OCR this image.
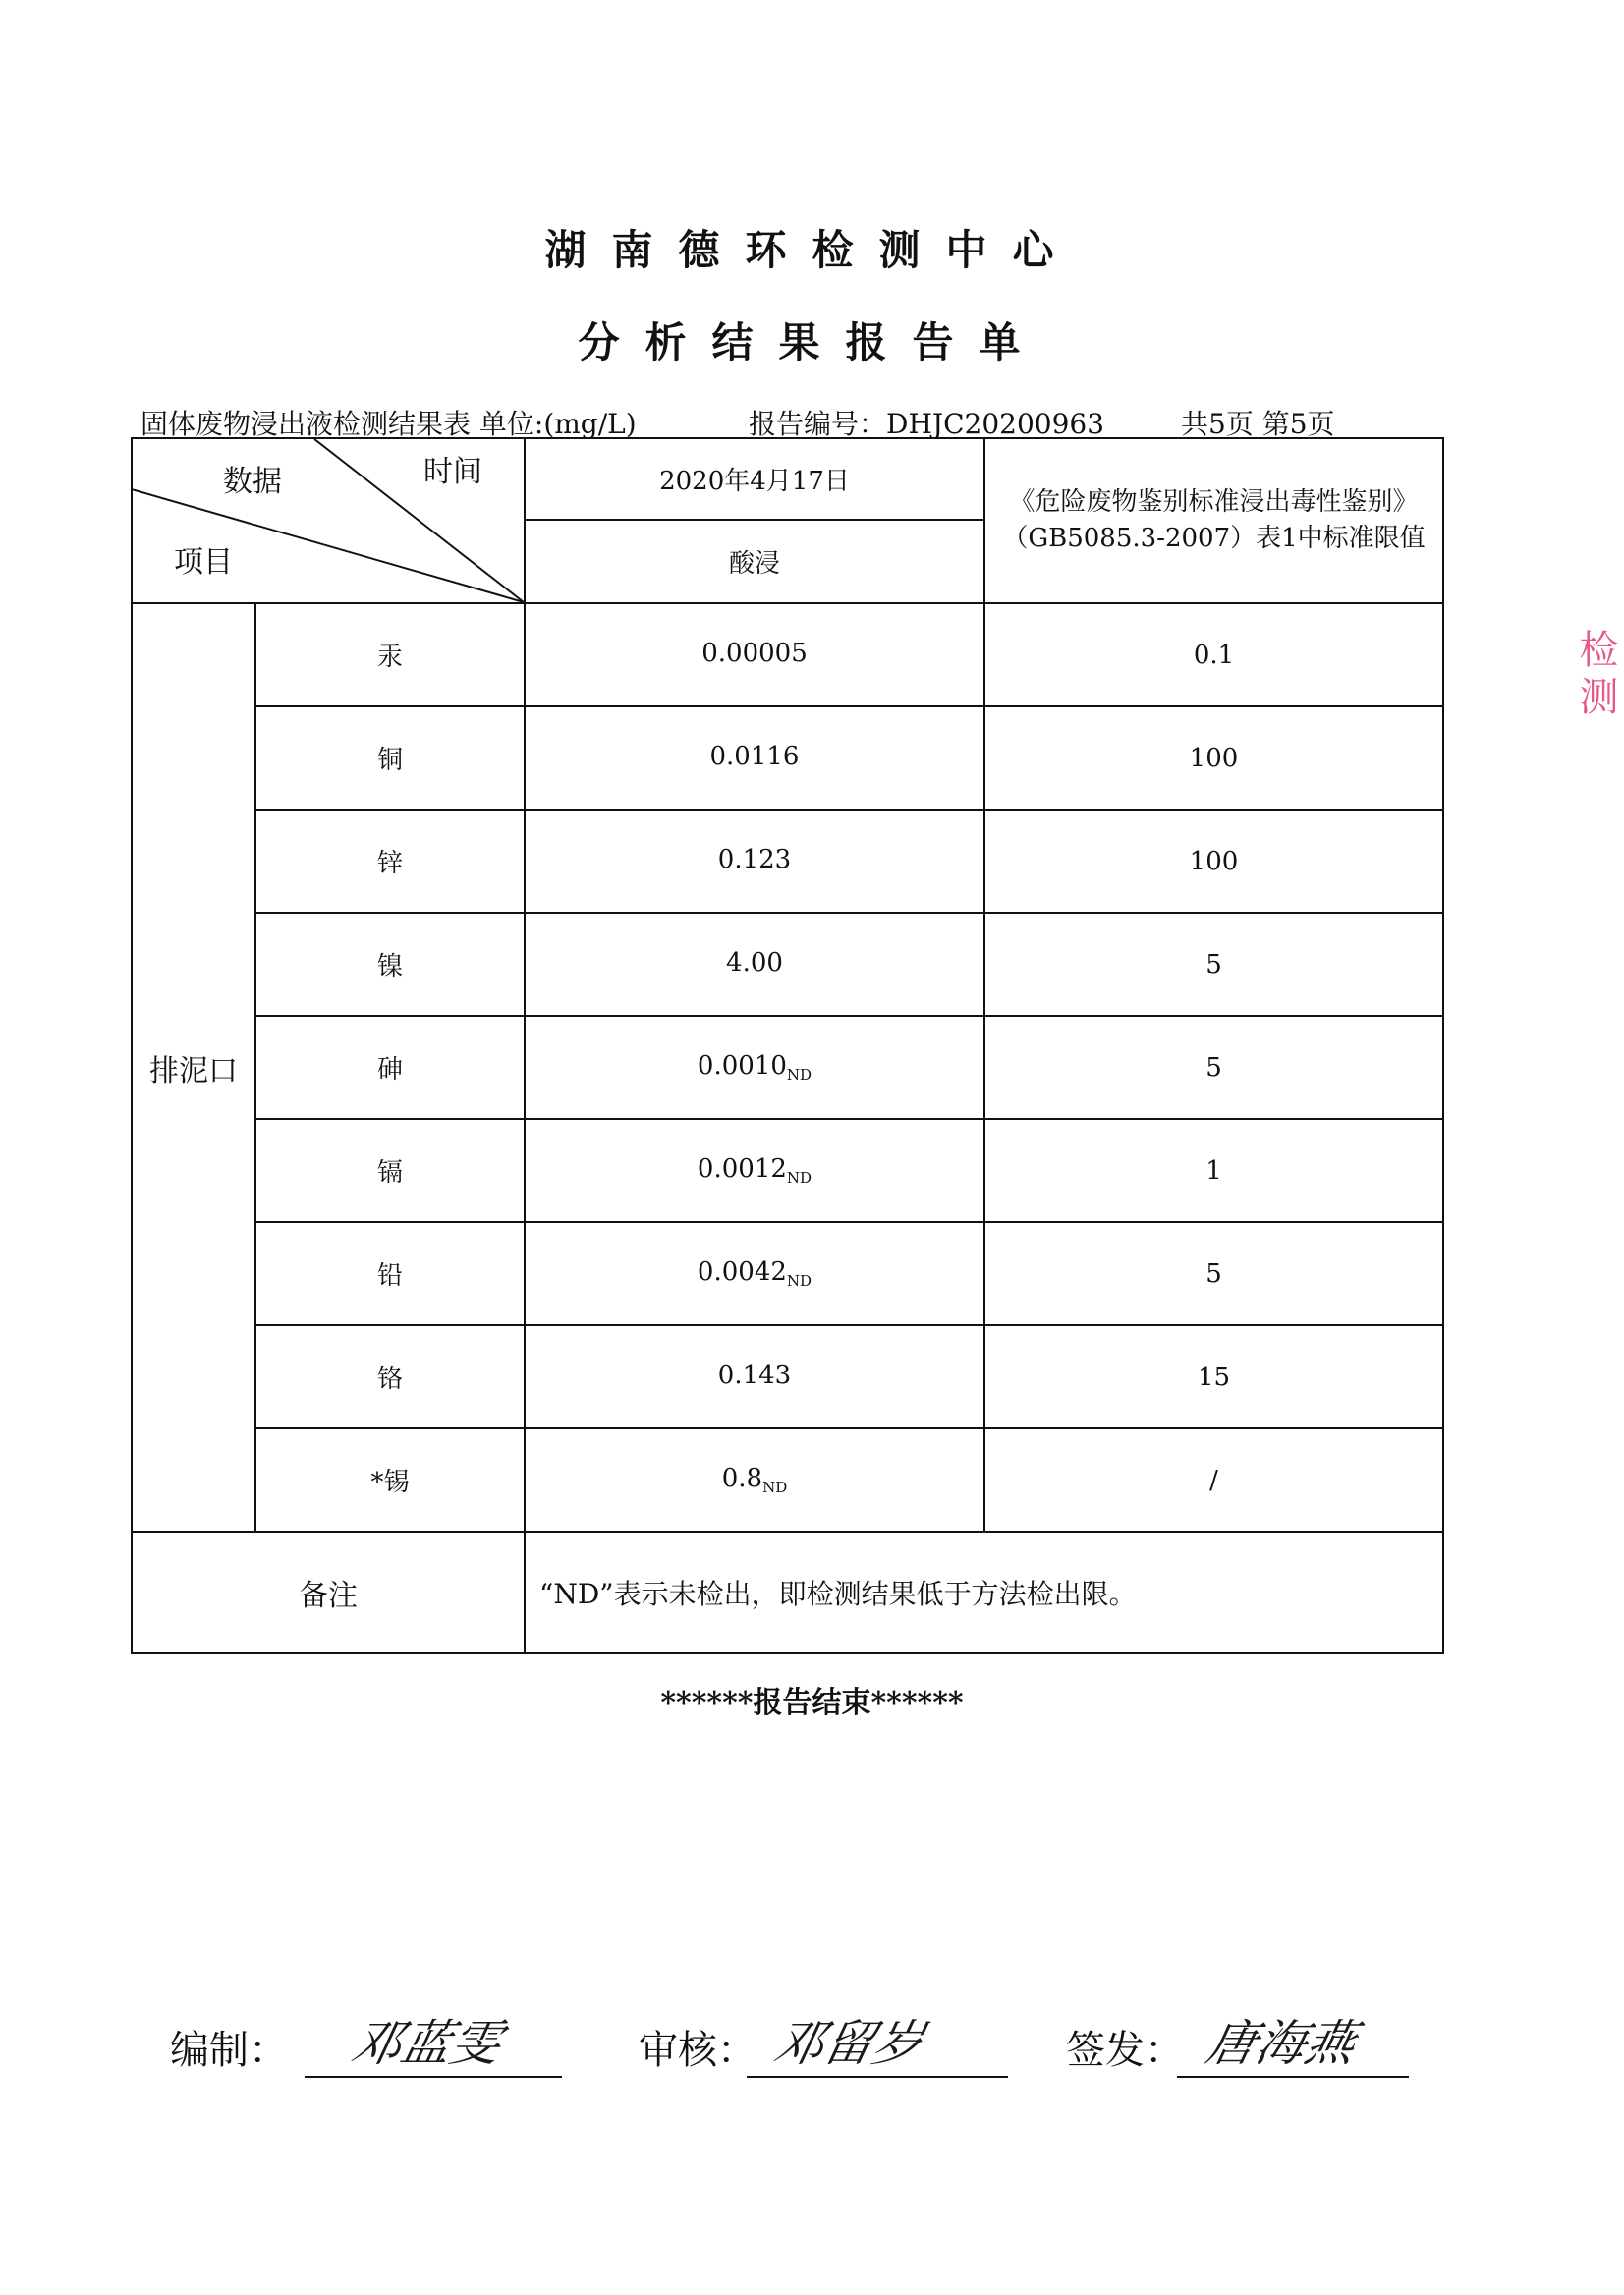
湖南德环检测中心
分析结果报告单
固体废物浸出液检测结果表 单位:(mg/L)	报告编号：DHJC20200963	共5页 第5页
数据 时间
项目		2020年4月17日	《危险废物鉴别标准浸出毒性鉴别》（GB5085.3-2007）表1中标准限值
		酸浸	
排泥口	汞	0.00005	0.1
	铜	0.0116	100
	锌	0.123	100
	镍	4.00	5
	砷	$0.0010_{ND}$	5
	镉	$0.0012_{ND}$	1
	铅	$0.0042_{ND}$	5
	铬	0.143	15
	*锡	$0.8_{ND}$	/
备注		“ND”表示未检出，即检测结果低于方法检出限。	
******报告结束******
编制： 邓蓝雯	审核： 邓留岁	签发： 唐海燕
检测
